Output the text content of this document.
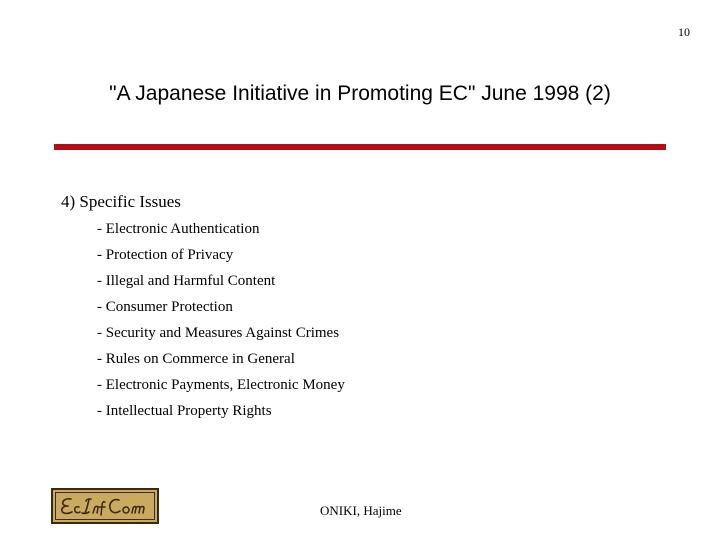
10
"A Japanese Initiative in Promoting EC" June 1998 (2)
4) Specific Issues
- Electronic Authentication
- Protection of Privacy
- Illegal and Harmful Content
- Consumer Protection
- Security and Measures Against Crimes
- Rules on Commerce in General
- Electronic Payments, Electronic Money
- Intellectual Property Rights
ONIKI, Hajime
